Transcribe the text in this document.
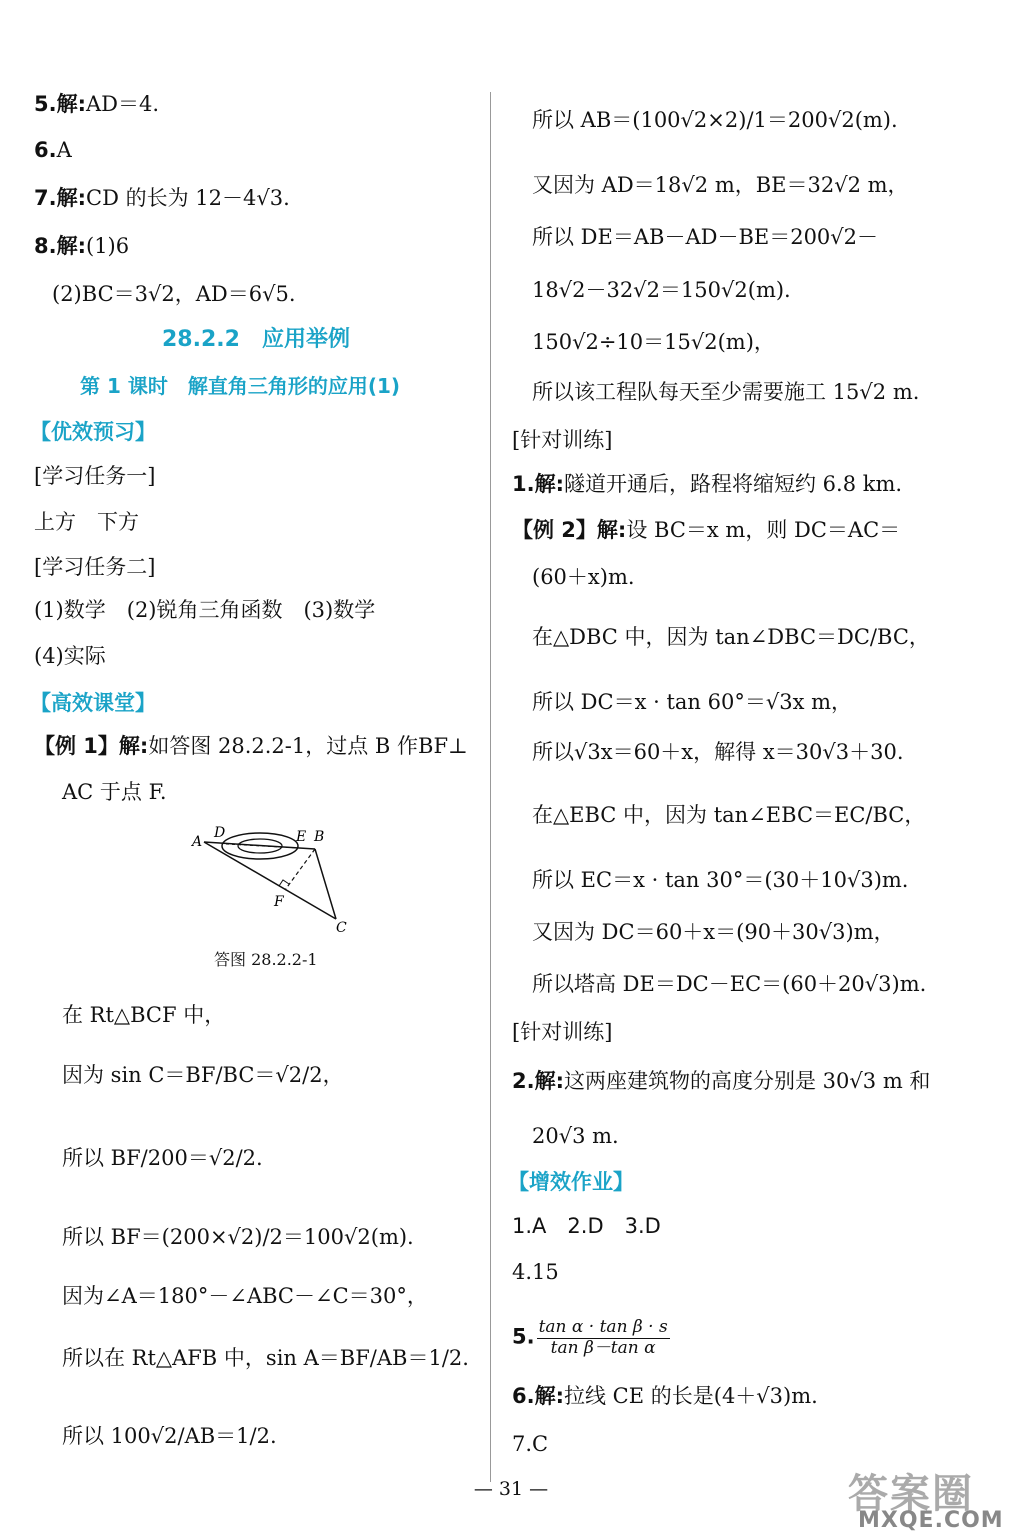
5.解:AD＝4.
6.A
7.解:CD 的长为 12－4√3.
8.解:(1)6
(2)BC＝3√2，AD＝6√5.
28.2.2　应用举例
第 1 课时　解直角三角形的应用(1)
【优效预习】
[学习任务一]
上方　下方
[学习任务二]
(1)数学　(2)锐角三角函数　(3)数学
(4)实际
【高效课堂】
【例 1】解:如答图 28.2.2-1，过点 B 作BF⊥
AC 于点 F.
A
D	E B
F
C
答图 28.2.2-1
在 Rt△BCF 中，
因为 sin C＝BF/BC＝√2/2，
所以 BF/200＝√2/2.
所以 BF＝(200×√2)/2＝100√2(m).
因为∠A＝180°－∠ABC－∠C＝30°，
所以在 Rt△AFB 中，sin A＝BF/AB＝1/2.
所以 100√2/AB＝1/2.
所以 AB＝(100√2×2)/1＝200√2(m).
又因为 AD＝18√2 m，BE＝32√2 m，
所以 DE＝AB－AD－BE＝200√2－
18√2－32√2＝150√2(m).
150√2÷10＝15√2(m)，
所以该工程队每天至少需要施工 15√2 m.
[针对训练]
1.解:隧道开通后，路程将缩短约 6.8 km.
【例 2】解:设 BC＝x m，则 DC＝AC＝
(60＋x)m.
在△DBC 中，因为 tan∠DBC＝DC/BC，
所以 DC＝x · tan 60°＝√3x m，
所以√3x＝60＋x，解得 x＝30√3＋30.
在△EBC 中，因为 tan∠EBC＝EC/BC，
所以 EC＝x · tan 30°＝(30＋10√3)m.
又因为 DC＝60＋x＝(90＋30√3)m，
所以塔高 DE＝DC－EC＝(60＋20√3)m.
[针对训练]
2.解:这两座建筑物的高度分别是 30√3 m 和
20√3 m.
【增效作业】
1.A　2.D　3.D
4.15
5. $\frac{\text{tan α · tan β · s}}{\text{tan β－tan α}}$
6.解:拉线 CE 的长是(4＋√3)m.
7.C
— 31 —	答案圈
MXQE.COM
